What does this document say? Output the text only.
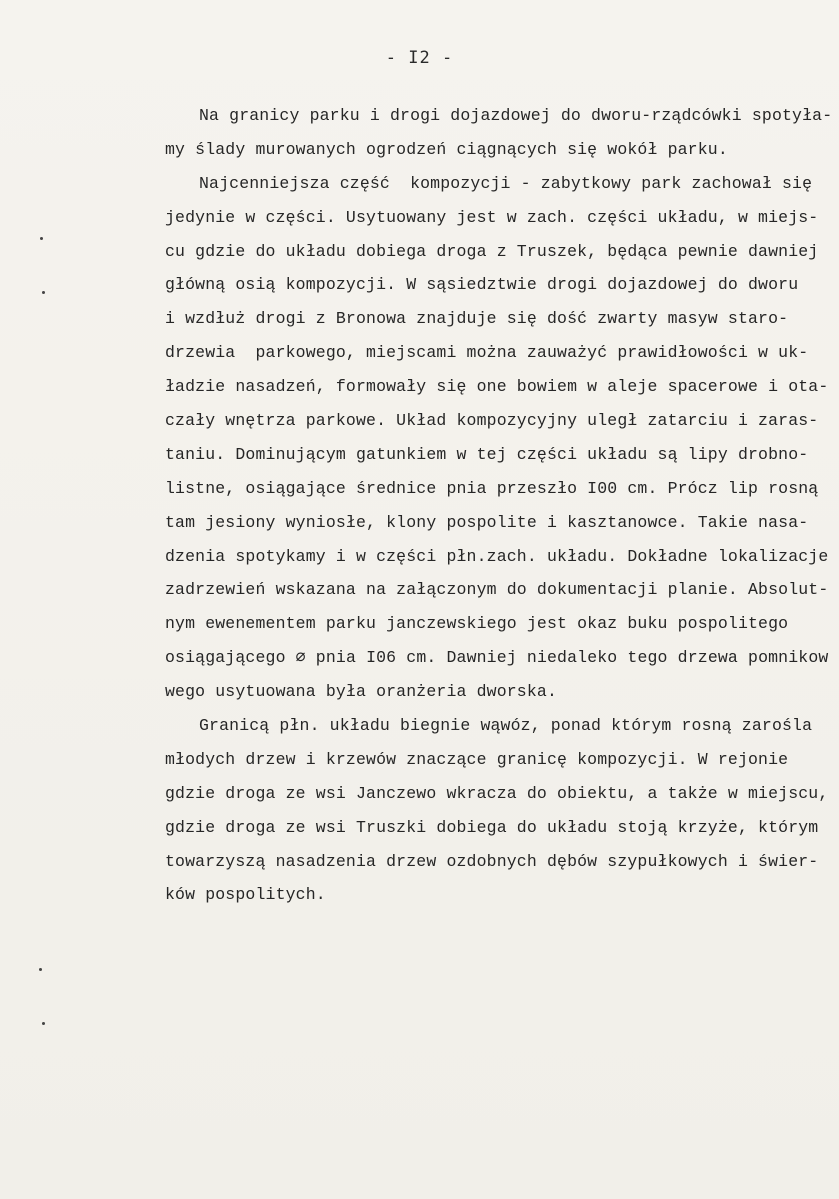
- I2 -
Na granicy parku i drogi dojazdowej do dworu-rządcówki spotyła-
my ślady murowanych ogrodzeń ciągnących się wokół parku.
Najcenniejsza część  kompozycji - zabytkowy park zachował się
jedynie w części. Usytuowany jest w zach. części układu, w miejs-
cu gdzie do układu dobiega droga z Truszek, będąca pewnie dawniej
główną osią kompozycji. W sąsiedztwie drogi dojazdowej do dworu
i wzdłuż drogi z Bronowa znajduje się dość zwarty masyw staro-
drzewia  parkowego, miejscami można zauważyć prawidłowości w uk-
ładzie nasadzeń, formowały się one bowiem w aleje spacerowe i ota-
czały wnętrza parkowe. Układ kompozycyjny uległ zatarciu i zaras-
taniu. Dominującym gatunkiem w tej części układu są lipy drobno-
listne, osiągające średnice pnia przeszło I00 cm. Prócz lip rosną
tam jesiony wyniosłe, klony pospolite i kasztanowce. Takie nasa-
dzenia spotykamy i w części płn.zach. układu. Dokładne lokalizacje
zadrzewień wskazana na załączonym do dokumentacji planie. Absolut-
nym ewenementem parku janczewskiego jest okaz buku pospolitego
osiągającego ∅ pnia I06 cm. Dawniej niedaleko tego drzewa pomnikow
wego usytuowana była oranżeria dworska.
Granicą płn. układu biegnie wąwóz, ponad którym rosną zarośla
młodych drzew i krzewów znaczące granicę kompozycji. W rejonie
gdzie droga ze wsi Janczewo wkracza do obiektu, a także w miejscu,
gdzie droga ze wsi Truszki dobiega do układu stoją krzyże, którym
towarzyszą nasadzenia drzew ozdobnych dębów szypułkowych i świer-
ków pospolitych.
